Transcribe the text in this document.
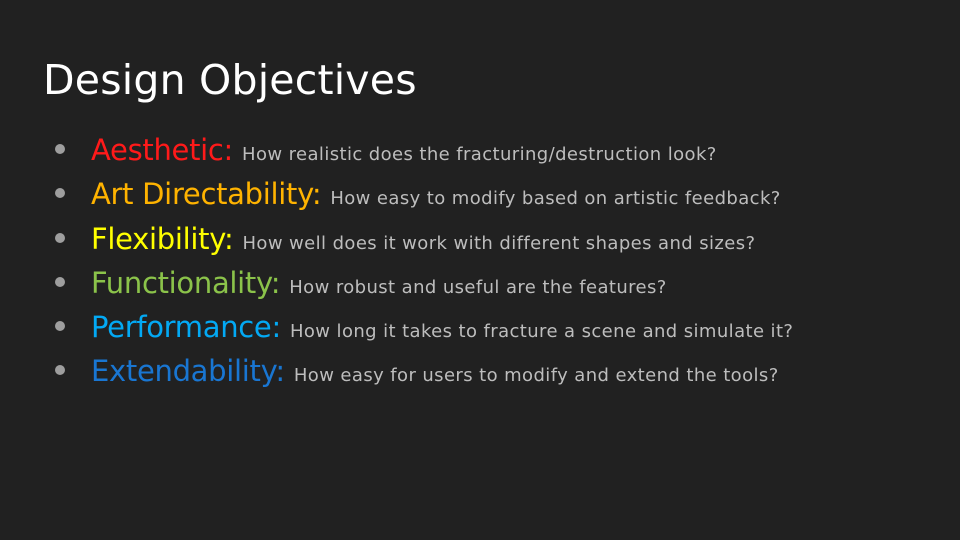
Design Objectives
Aesthetic: How realistic does the fracturing/destruction look?
Art Directability: How easy to modify based on artistic feedback?
Flexibility: How well does it work with different shapes and sizes?
Functionality: How robust and useful are the features?
Performance: How long it takes to fracture a scene and simulate it?
Extendability: How easy for users to modify and extend the tools?
